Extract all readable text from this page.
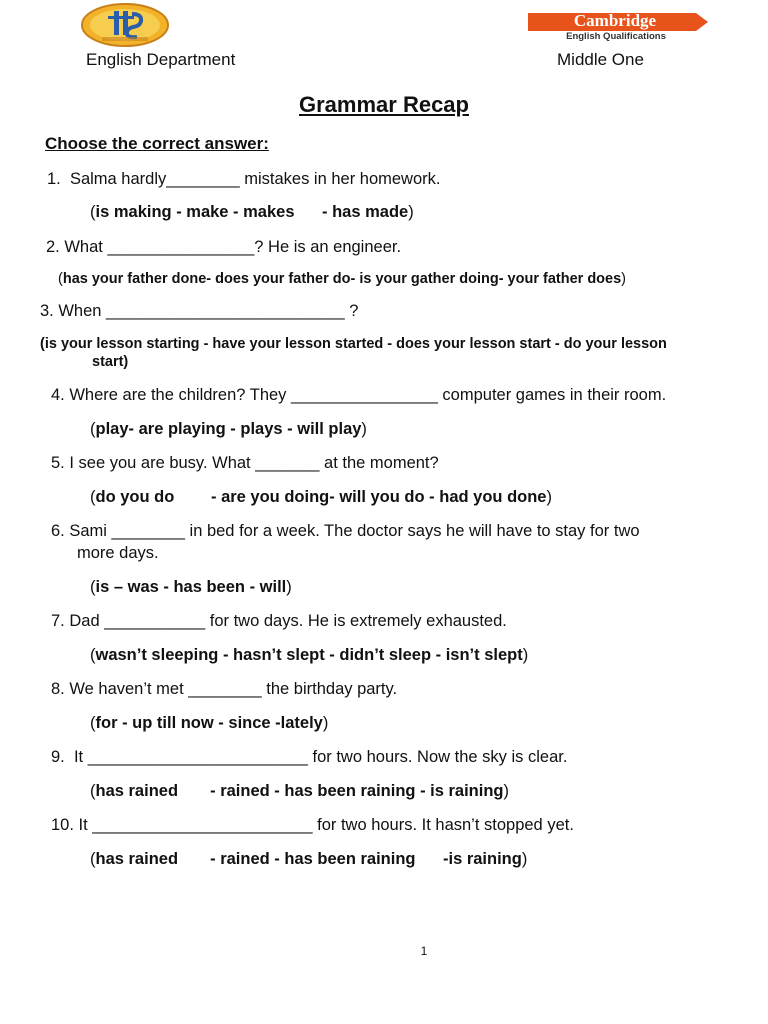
English Department
Cambridge
English Qualifications
Middle One
Grammar Recap
Choose the correct answer:
1. Salma hardly________ mistakes in her homework.
(is making - make - makes      - has made)
2. What ________________? He is an engineer.
(has your father done- does your father do- is your gather doing- your father does)
3. When __________________________ ?
(is your lesson starting - have your lesson started - does your lesson start - do your lesson
start)
4. Where are the children? They ________________ computer games in their room.
(play- are playing - plays - will play)
5. I see you are busy. What _______ at the moment?
(do you do        - are you doing- will you do - had you done)
6. Sami ________ in bed for a week. The doctor says he will have to stay for two
more days.
(is – was - has been - will)
7. Dad ___________ for two days. He is extremely exhausted.
(wasn’t sleeping - hasn’t slept - didn’t sleep - isn’t slept)
8. We haven’t met ________ the birthday party.
(for - up till now - since -lately)
9. It ________________________ for two hours. Now the sky is clear.
(has rained       - rained - has been raining - is raining)
10. It ________________________ for two hours. It hasn’t stopped yet.
(has rained       - rained - has been raining      -is raining)
1
